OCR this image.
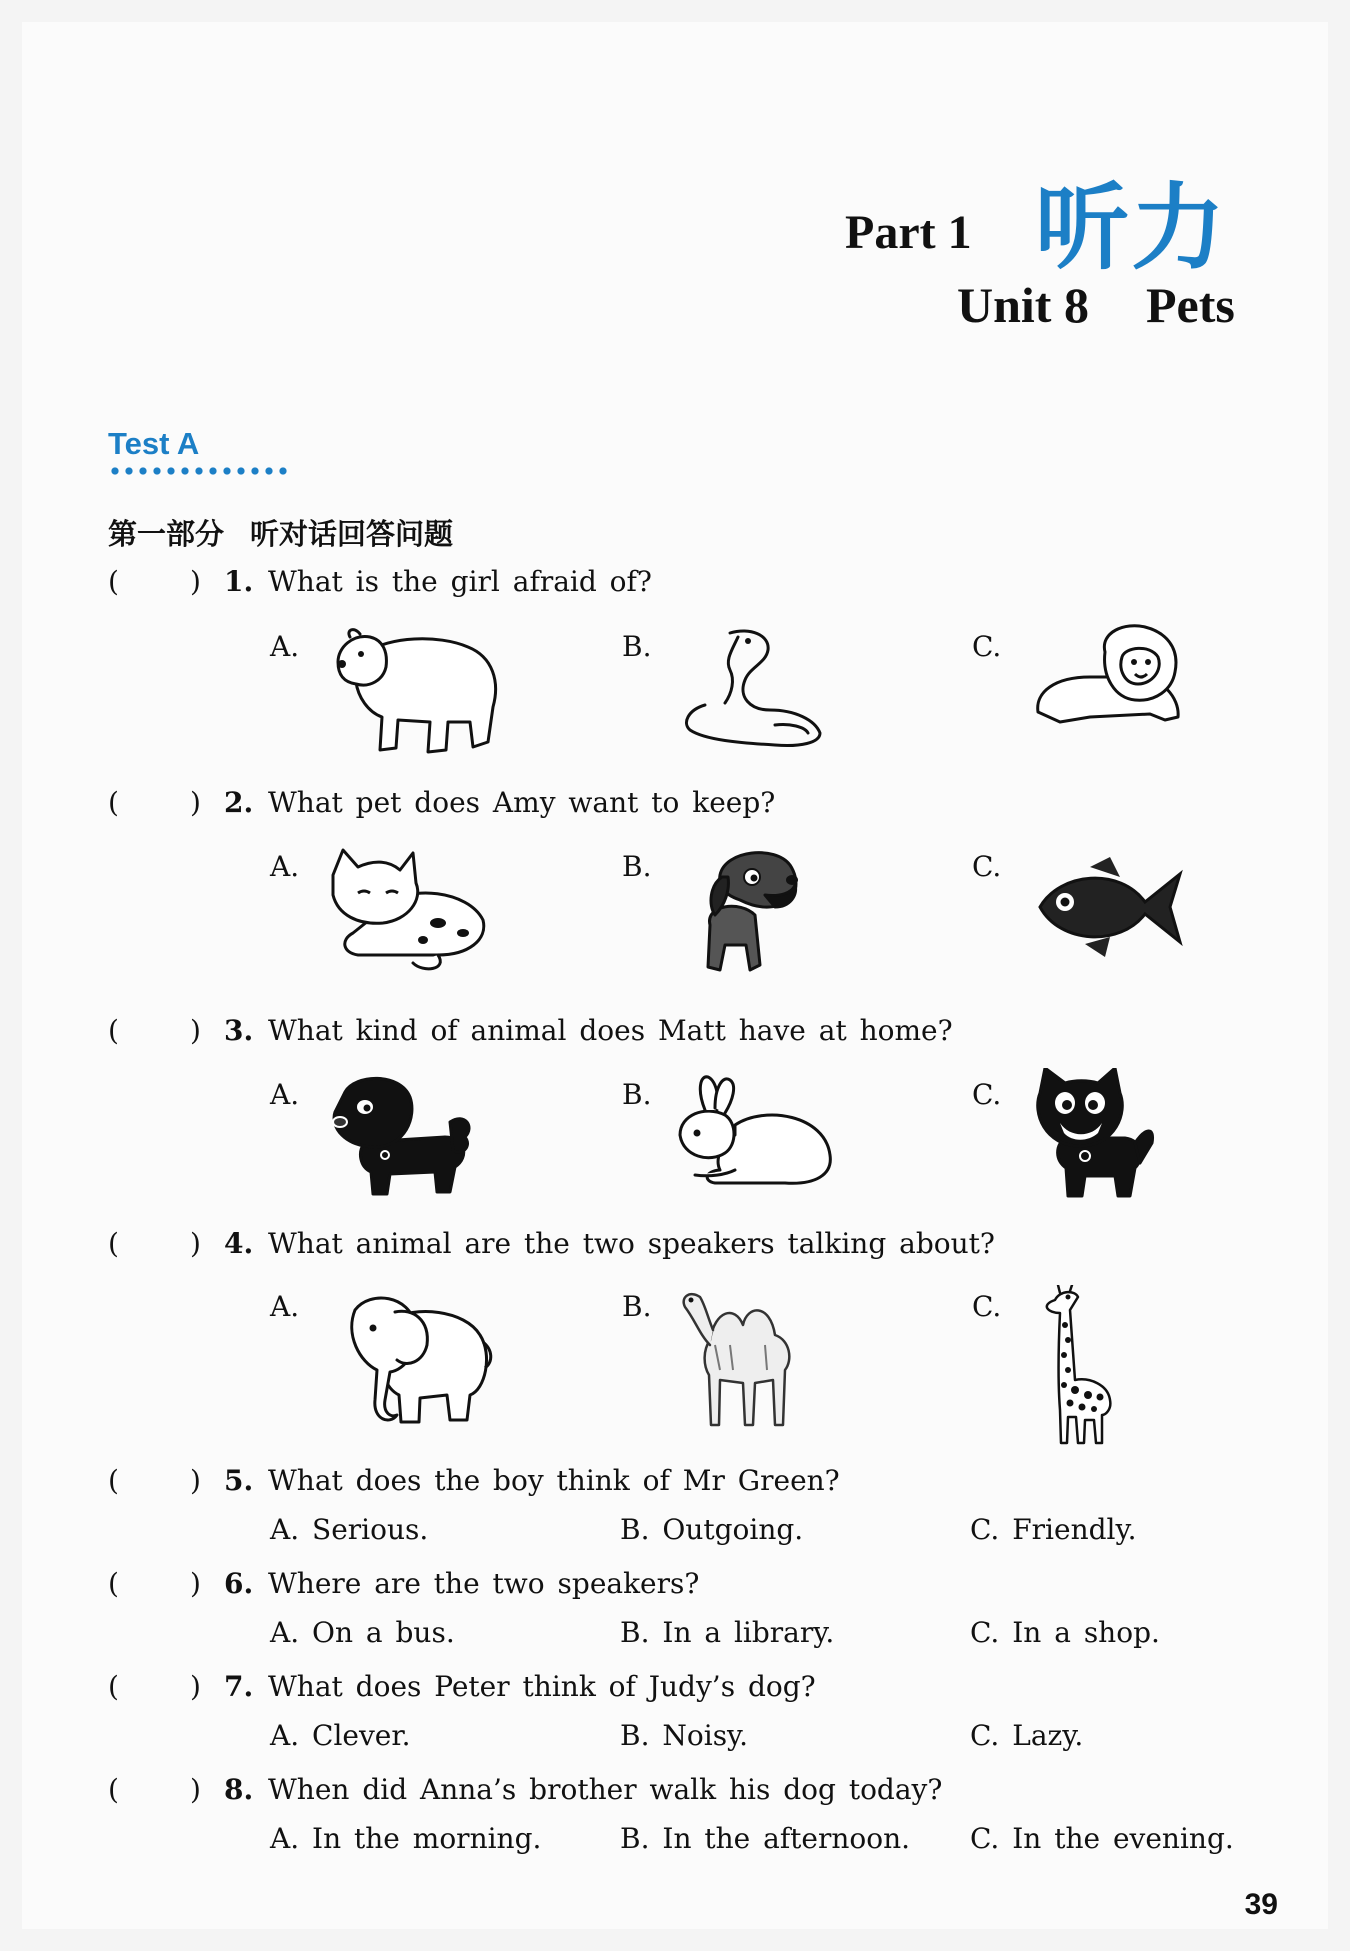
Part 1 听力
Unit 8 Pets
Test A
第一部分 听对话回答问题
(	) 1. What is the girl afraid of?
(	) 2. What pet does Amy want to keep?
(	) 3. What kind of animal does Matt have at home?
(	) 4. What animal are the two speakers talking about?
(	) 5. What does the boy think of Mr Green?
(	) 6. Where are the two speakers?
(	) 7. What does Peter think of Judy’s dog?
(	) 8. When did Anna’s brother walk his dog today?
A.	B.	C.
A.	B.	C.
A.	B.	C.
A.	B.	C.
A. Serious.	B. Outgoing.	C. Friendly.
A. On a bus.	B. In a library.	C. In a shop.
A. Clever.	B. Noisy.	C. Lazy.
A. In the morning.	B. In the afternoon. C. In the evening.
39
